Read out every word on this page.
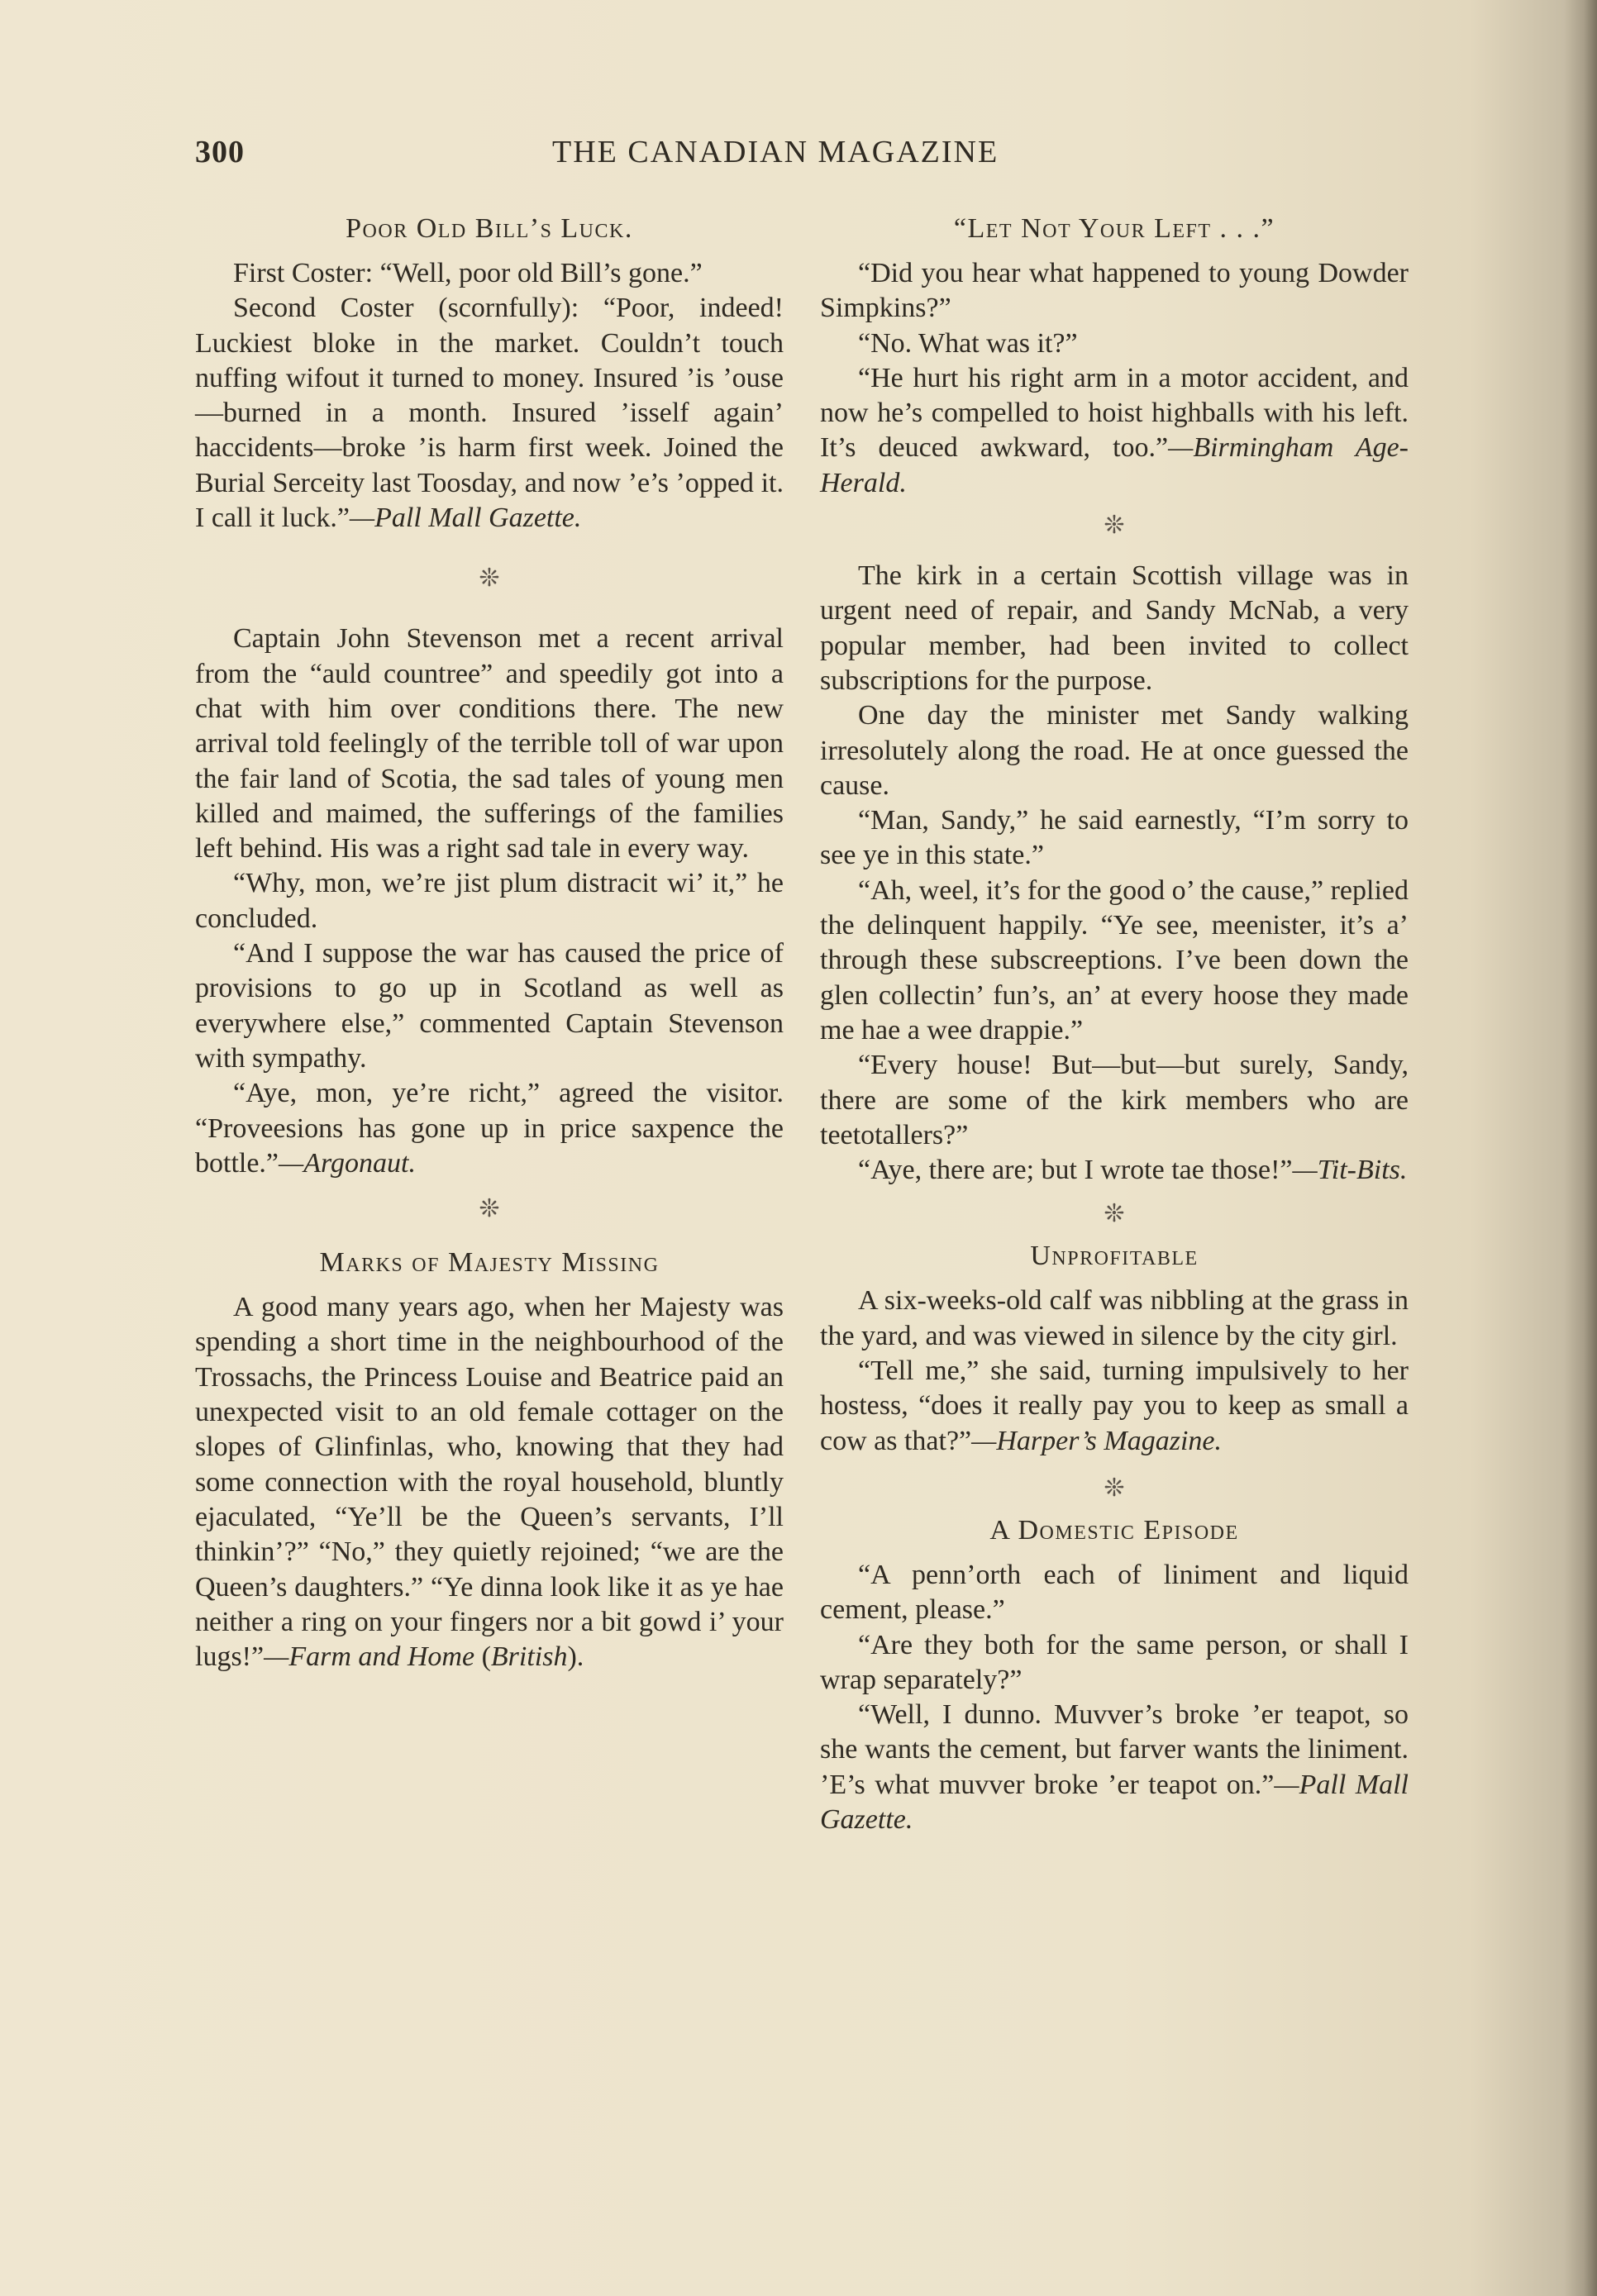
300	THE CANADIAN MAGAZINE
Poor Old Bill’s Luck.

First Coster: “Well, poor old Bill’s gone.”

Second Coster (scornfully): “Poor, indeed! Luckiest bloke in the market. Couldn’t touch nuffing wifout it turned to money. Insured ’is ’ouse—burned in a month. Insured ’isself again’ haccidents—broke ’is harm first week. Joined the Burial Serceity last Toosday, and now ’e’s ’opped it. I call it luck.”—Pall Mall Gazette.

❊

Captain John Stevenson met a recent arrival from the “auld countree” and speedily got into a chat with him over conditions there. The new arrival told feelingly of the terrible toll of war upon the fair land of Scotia, the sad tales of young men killed and maimed, the sufferings of the families left behind. His was a right sad tale in every way.

“Why, mon, we’re jist plum distracit wi’ it,” he concluded.

“And I suppose the war has caused the price of provisions to go up in Scotland as well as everywhere else,” commented Captain Stevenson with sympathy.

“Aye, mon, ye’re richt,” agreed the visitor. “Proveesions has gone up in price saxpence the bottle.”—Argonaut.

❊
Marks of Majesty Missing

A good many years ago, when her Majesty was spending a short time in the neighbourhood of the Trossachs, the Princess Louise and Beatrice paid an unexpected visit to an old female cottager on the slopes of Glinfinlas, who, knowing that they had some connection with the royal household, bluntly ejaculated, “Ye’ll be the Queen’s servants, I’ll thinkin’?” “No,” they quietly rejoined; “we are the Queen’s daughters.” “Ye dinna look like it as ye hae neither a ring on your fingers nor a bit gowd i’ your lugs!”—Farm and Home (British).

“Let Not Your Left . . .”

“Did you hear what happened to young Dowder Simpkins?”

“No. What was it?”

“He hurt his right arm in a motor accident, and now he’s compelled to hoist highballs with his left. It’s deuced awkward, too.”—Birmingham Age-Herald.

❊

The kirk in a certain Scottish village was in urgent need of repair, and Sandy McNab, a very popular member, had been invited to collect subscriptions for the purpose.

One day the minister met Sandy walking irresolutely along the road. He at once guessed the cause.

“Man, Sandy,” he said earnestly, “I’m sorry to see ye in this state.”

“Ah, weel, it’s for the good o’ the cause,” replied the delinquent happily. “Ye see, meenister, it’s a’ through these subscreeptions. I’ve been down the glen collectin’ fun’s, an’ at every hoose they made me hae a wee drappie.”

“Every house! But—but—but surely, Sandy, there are some of the kirk members who are teetotallers?”

“Aye, there are; but I wrote tae those!”—Tit-Bits.

❊
Unprofitable

A six-weeks-old calf was nibbling at the grass in the yard, and was viewed in silence by the city girl.

“Tell me,” she said, turning impulsively to her hostess, “does it really pay you to keep as small a cow as that?”—Harper’s Magazine.

❊
A Domestic Episode

“A penn’orth each of liniment and liquid cement, please.”

“Are they both for the same person, or shall I wrap separately?”

“Well, I dunno. Muvver’s broke ’er teapot, so she wants the cement, but farver wants the liniment. ’E’s what muvver broke ’er teapot on.”—Pall Mall Gazette.
